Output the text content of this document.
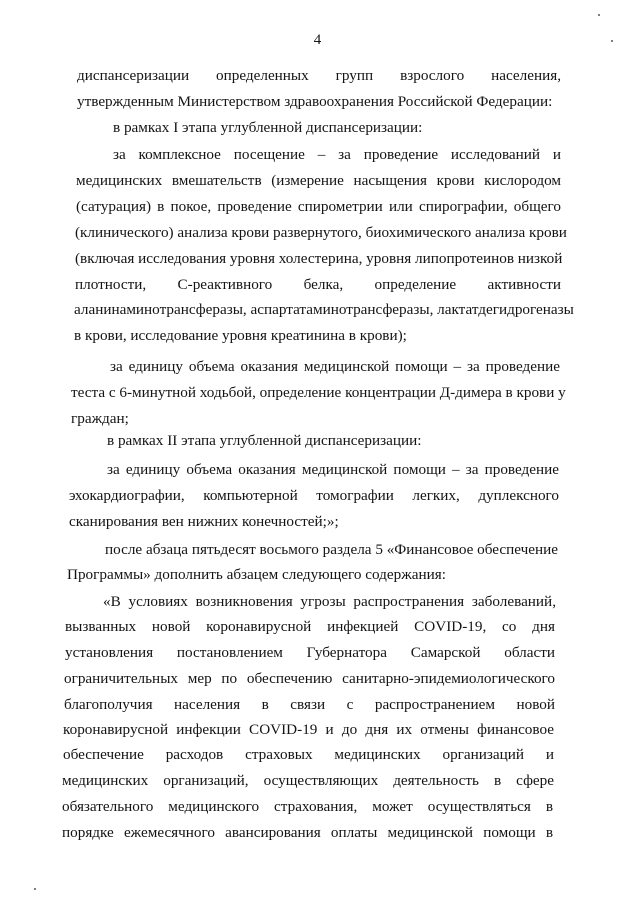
4
диспансеризации определенных групп взрослого населения,
утвержденным Министерством здравоохранения Российской Федерации:
в рамках I этапа углубленной диспансеризации:
за комплексное посещение – за проведение исследований и
медицинских вмешательств (измерение насыщения крови кислородом
(сатурация) в покое, проведение спирометрии или спирографии, общего
(клинического) анализа крови развернутого, биохимического анализа крови
(включая исследования уровня холестерина, уровня липопротеинов низкой
плотности, С-реактивного белка, определение активности
аланинаминотрансферазы, аспартатаминотрансферазы, лактатдегидрогеназы
в крови, исследование уровня креатинина в крови);
за единицу объема оказания медицинской помощи – за проведение
теста с 6-минутной ходьбой, определение концентрации Д-димера в крови у
граждан;
в рамках II этапа углубленной диспансеризации:
за единицу объема оказания медицинской помощи – за проведение
эхокардиографии, компьютерной томографии легких, дуплексного
сканирования вен нижних конечностей;»;
после абзаца пятьдесят восьмого раздела 5 «Финансовое обеспечение
Программы» дополнить абзацем следующего содержания:
«В условиях возникновения угрозы распространения заболеваний,
вызванных новой коронавирусной инфекцией COVID-19, со дня
установления постановлением Губернатора Самарской области
ограничительных мер по обеспечению санитарно-эпидемиологического
благополучия населения в связи с распространением новой
коронавирусной инфекции COVID-19 и до дня их отмены финансовое
обеспечение расходов страховых медицинских организаций и
медицинских организаций, осуществляющих деятельность в сфере
обязательного медицинского страхования, может осуществляться в
порядке ежемесячного авансирования оплаты медицинской помощи в
